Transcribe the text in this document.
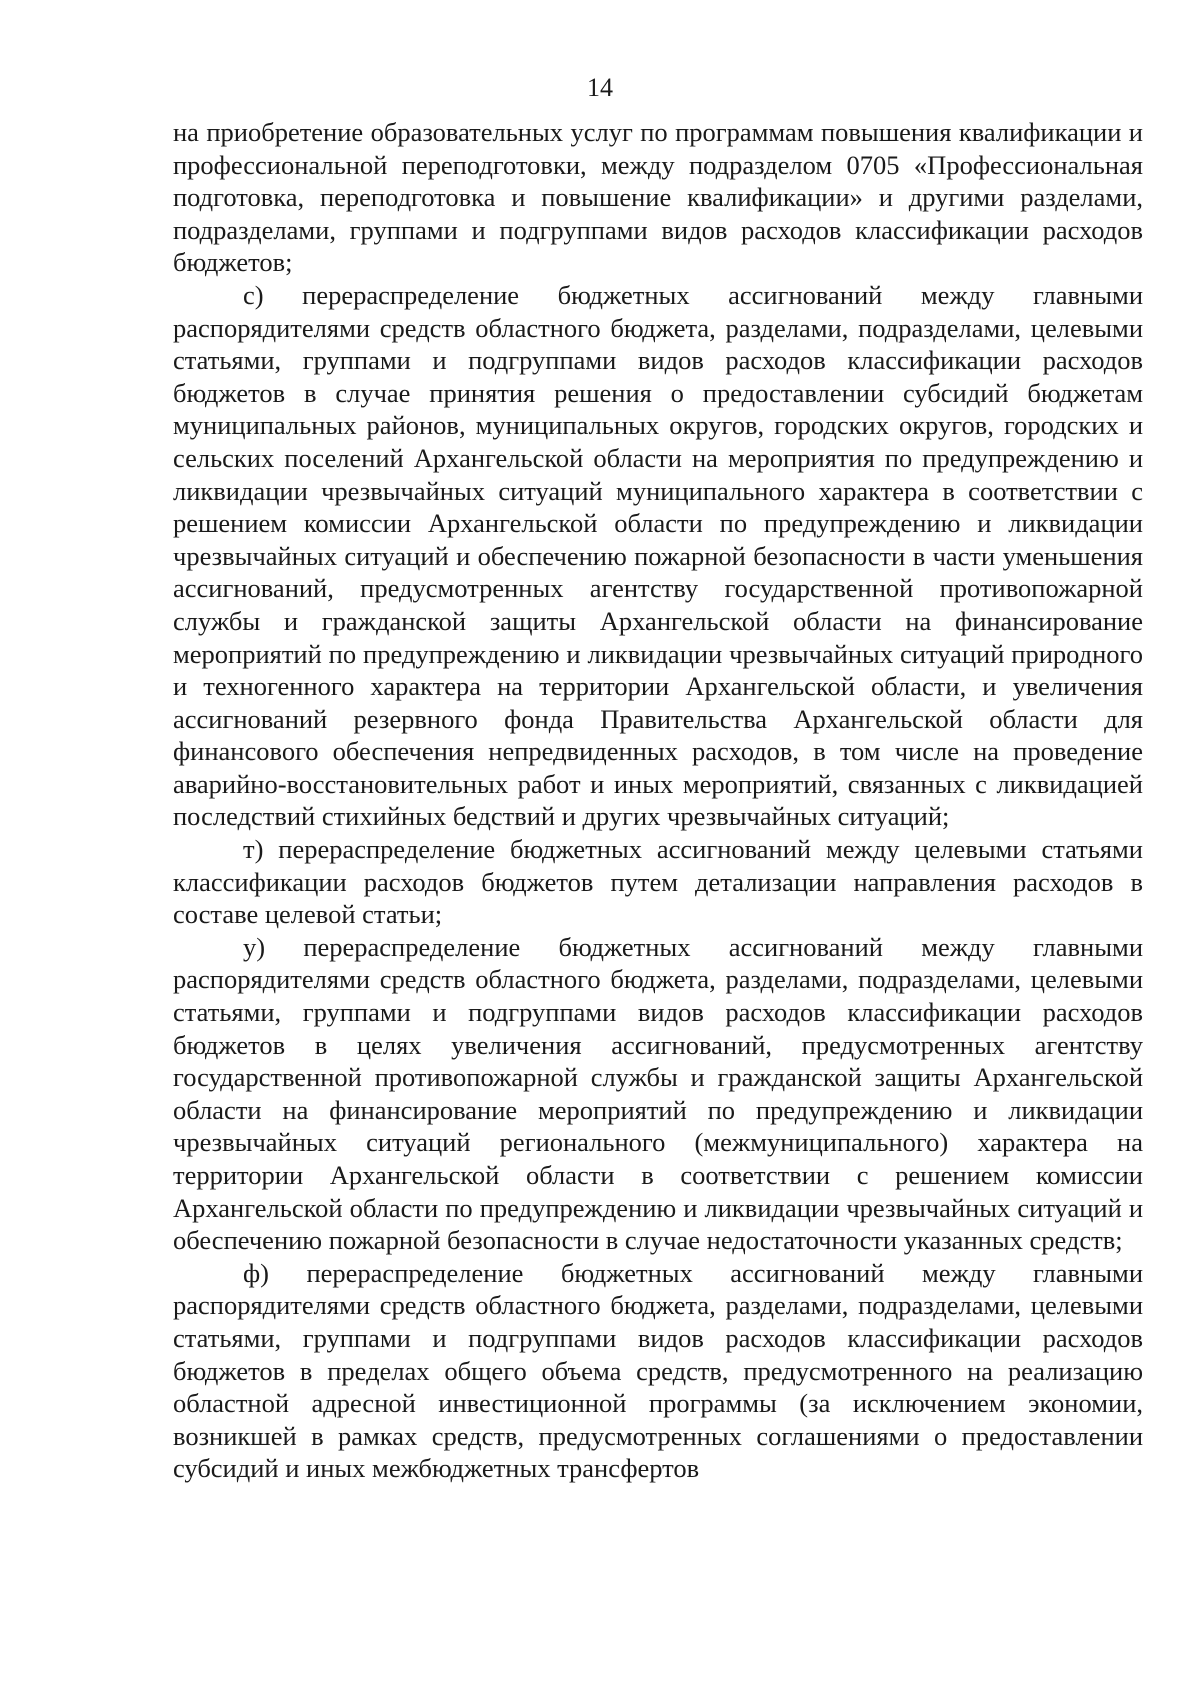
14

на приобретение образовательных услуг по программам повышения квалификации и профессиональной переподготовки, между подразделом 0705 «Профессиональная подготовка, переподготовка и повышение квалификации» и другими разделами, подразделами, группами и подгруппами видов расходов классификации расходов бюджетов;

с) перераспределение бюджетных ассигнований между главными распорядителями средств областного бюджета, разделами, подразделами, целевыми статьями, группами и подгруппами видов расходов классификации расходов бюджетов в случае принятия решения о предоставлении субсидий бюджетам муниципальных районов, муниципальных округов, городских округов, городских и сельских поселений Архангельской области на мероприятия по предупреждению и ликвидации чрезвычайных ситуаций муниципального характера в соответствии с решением комиссии Архангельской области по предупреждению и ликвидации чрезвычайных ситуаций и обеспечению пожарной безопасности в части уменьшения ассигнований, предусмотренных агентству государственной противопожарной службы и гражданской защиты Архангельской области на финансирование мероприятий по предупреждению и ликвидации чрезвычайных ситуаций природного и техногенного характера на территории Архангельской области, и увеличения ассигнований резервного фонда Правительства Архангельской области для финансового обеспечения непредвиденных расходов, в том числе на проведение аварийно-восстановительных работ и иных мероприятий, связанных с ликвидацией последствий стихийных бедствий и других чрезвычайных ситуаций;

т) перераспределение бюджетных ассигнований между целевыми статьями классификации расходов бюджетов путем детализации направления расходов в составе целевой статьи;

у) перераспределение бюджетных ассигнований между главными распорядителями средств областного бюджета, разделами, подразделами, целевыми статьями, группами и подгруппами видов расходов классификации расходов бюджетов в целях увеличения ассигнований, предусмотренных агентству государственной противопожарной службы и гражданской защиты Архангельской области на финансирование мероприятий по предупреждению и ликвидации чрезвычайных ситуаций регионального (межмуниципального) характера на территории Архангельской области в соответствии с решением комиссии Архангельской области по предупреждению и ликвидации чрезвычайных ситуаций и обеспечению пожарной безопасности в случае недостаточности указанных средств;

ф) перераспределение бюджетных ассигнований между главными распорядителями средств областного бюджета, разделами, подразделами, целевыми статьями, группами и подгруппами видов расходов классификации расходов бюджетов в пределах общего объема средств, предусмотренного на реализацию областной адресной инвестиционной программы (за исключением экономии, возникшей в рамках средств, предусмотренных соглашениями о предоставлении субсидий и иных межбюджетных трансфертов
